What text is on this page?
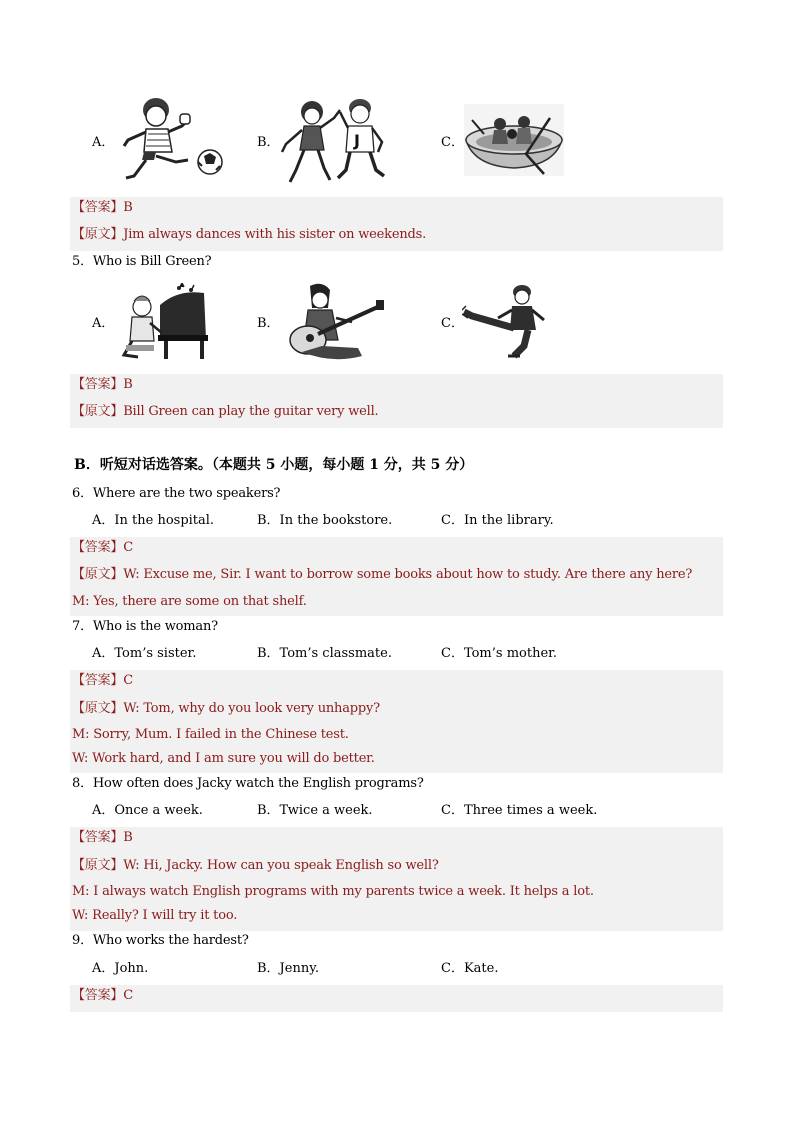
A．	B．	J	C．
【答案】B
【原文】Jim always dances with his sister on weekends.
5．Who is Bill Green?
A．	B．	C．
【答案】B
【原文】Bill Green can play the guitar very well.
B．听短对话选答案。（本题共 5 小题，每小题 1 分，共 5 分）
6．Where are the two speakers?
A．In the hospital.	B．In the bookstore.	C．In the library.
【答案】C
【原文】W: Excuse me, Sir. I want to borrow some books about how to study. Are there any here?
M: Yes, there are some on that shelf.
7．Who is the woman?
A．Tom’s sister.	B．Tom’s classmate.	C．Tom’s mother.
【答案】C
【原文】W: Tom, why do you look very unhappy?
M: Sorry, Mum. I failed in the Chinese test.
W: Work hard, and I am sure you will do better.
8．How often does Jacky watch the English programs?
A．Once a week.	B．Twice a week.	C．Three times a week.
【答案】B
【原文】W: Hi, Jacky. How can you speak English so well?
M: I always watch English programs with my parents twice a week. It helps a lot.
W: Really? I will try it too.
9．Who works the hardest?
A．John.	B．Jenny.	C．Kate.
【答案】C
